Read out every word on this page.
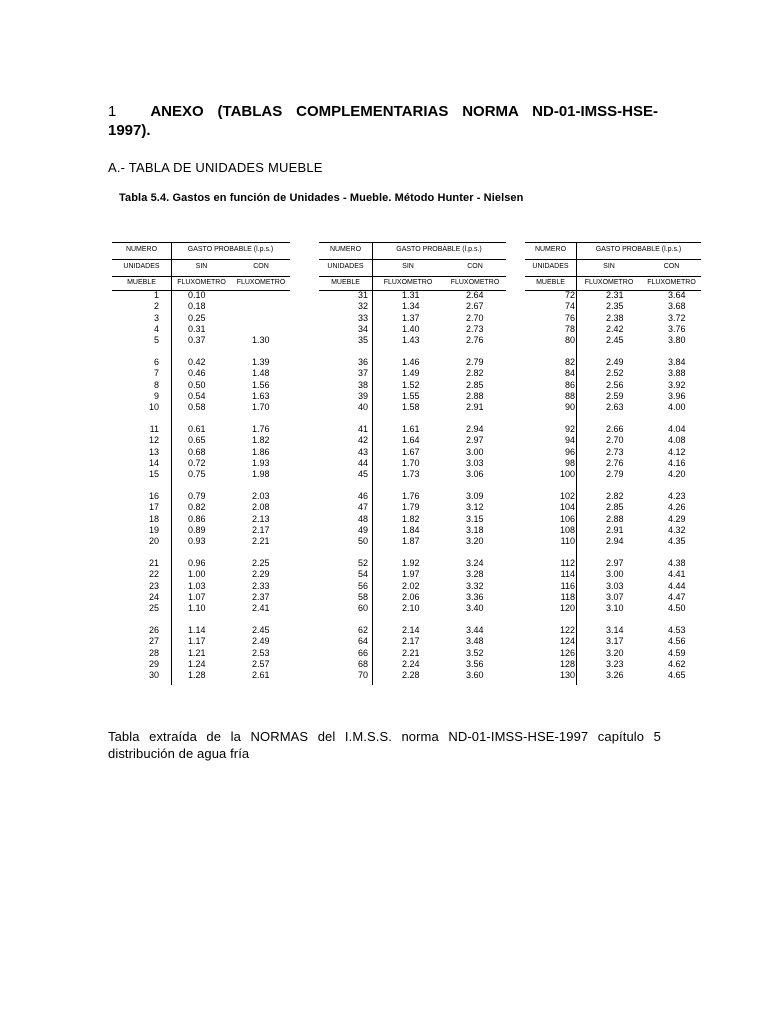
1 ANEXO (TABLAS COMPLEMENTARIAS NORMA ND-01-IMSS-HSE-1997).
A.- TABLA DE UNIDADES MUEBLE
Tabla 5.4. Gastos en función de Unidades - Mueble. Método Hunter - Nielsen
NUMERO
UNIDADES
MUEBLE
GASTO PROBABLE (l.p.s.)
SIN	CON
FLUXOMETRO	FLUXOMETRO
1	0.10
2	0.18
3	0.25
4	0.31
5	0.37	1.30
6	0.42	1.39
7	0.46	1.48
8	0.50	1.56
9	0.54	1.63
10	0.58	1.70
11	0.61	1.76
12	0.65	1.82
13	0.68	1.86
14	0.72	1.93
15	0.75	1.98
16	0.79	2.03
17	0.82	2.08
18	0.86	2.13
19	0.89	2.17
20	0.93	2.21
21	0.96	2.25
22	1.00	2.29
23	1.03	2.33
24	1.07	2.37
25	1.10	2.41
26	1.14	2.45
27	1.17	2.49
28	1.21	2.53
29	1.24	2.57
30	1.28	2.61
NUMERO
UNIDADES
MUEBLE
GASTO PROBABLE (l.p.s.)
SIN	CON
FLUXOMETRO	FLUXOMETRO
31	1.31	2.64
32	1.34	2.67
33	1.37	2.70
34	1.40	2.73
35	1.43	2.76
36	1.46	2.79
37	1.49	2.82
38	1.52	2.85
39	1.55	2.88
40	1.58	2.91
41	1.61	2.94
42	1.64	2.97
43	1.67	3.00
44	1.70	3.03
45	1.73	3.06
46	1.76	3.09
47	1.79	3.12
48	1.82	3.15
49	1.84	3.18
50	1.87	3.20
52	1.92	3.24
54	1.97	3.28
56	2.02	3.32
58	2.06	3.36
60	2.10	3.40
62	2.14	3.44
64	2.17	3.48
66	2.21	3.52
68	2.24	3.56
70	2.28	3.60
NUMERO
UNIDADES
MUEBLE
GASTO PROBABLE (l.p.s.)
SIN	CON
FLUXOMETRO	FLUXOMETRO
72	2.31	3.64
74	2.35	3.68
76	2.38	3.72
78	2.42	3.76
80	2.45	3.80
82	2.49	3.84
84	2.52	3.88
86	2.56	3.92
88	2.59	3.96
90	2.63	4.00
92	2.66	4.04
94	2.70	4.08
96	2.73	4.12
98	2.76	4.16
100	2.79	4.20
102	2.82	4.23
104	2.85	4.26
106	2.88	4.29
108	2.91	4.32
110	2.94	4.35
112	2.97	4.38
114	3.00	4.41
116	3.03	4.44
118	3.07	4.47
120	3.10	4.50
122	3.14	4.53
124	3.17	4.56
126	3.20	4.59
128	3.23	4.62
130	3.26	4.65
Tabla extraída de la NORMAS del I.M.S.S. norma ND-01-IMSS-HSE-1997 capítulo 5 distribución de agua fría
